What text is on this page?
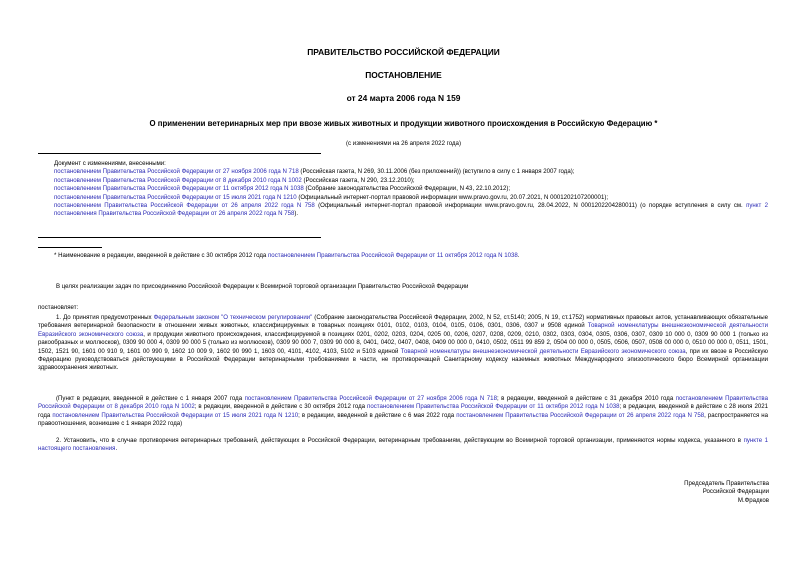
ПРАВИТЕЛЬСТВО РОССИЙСКОЙ ФЕДЕРАЦИИ
ПОСТАНОВЛЕНИЕ
от 24 марта 2006 года N 159
О применении ветеринарных мер при ввозе живых животных и продукции животного происхождения в Российскую Федерацию *
(с изменениями на 26 апреля 2022 года)
Документ с изменениями, внесенными:
постановлением Правительства Российской Федерации от 27 ноября 2006 года N 718 (Российская газета, N 269, 30.11.2006 (без приложений)) (вступило в силу с 1 января 2007 года);
постановлением Правительства Российской Федерации от 8 декабря 2010 года N 1002 (Российская газета, N 290, 23.12.2010);
постановлением Правительства Российской Федерации от 11 октября 2012 года N 1038 (Собрание законодательства Российской Федерации, N 43, 22.10.2012);
постановлением Правительства Российской Федерации от 15 июля 2021 года N 1210 (Официальный интернет-портал правовой информации www.pravo.gov.ru, 20.07.2021, N 0001202107200001);
постановлением Правительства Российской Федерации от 26 апреля 2022 года N 758 (Официальный интернет-портал правовой информации www.pravo.gov.ru, 28.04.2022, N 0001202204280011) (о порядке вступления в силу см. пункт 2 постановления Правительства Российской Федерации от 26 апреля 2022 года N 758).
* Наименование в редакции, введенной в действие с 30 октября 2012 года постановлением Правительства Российской Федерации от 11 октября 2012 года N 1038.
В целях реализации задач по присоединению Российской Федерации к Всемирной торговой организации Правительство Российской Федерации
постановляет:
1. До принятия предусмотренных Федеральным законом "О техническом регулировании" (Собрание законодательства Российской Федерации, 2002, N 52, ст.5140; 2005, N 19, ст.1752) нормативных правовых актов, устанавливающих обязательные требования ветеринарной безопасности в отношении живых животных, классифицируемых в товарных позициях 0101, 0102, 0103, 0104, 0105, 0106, 0301, 0306, 0307 и 9508 единой Товарной номенклатуры внешнеэкономической деятельности Евразийского экономического союза, и продукции животного происхождения, классифицируемой в позициях 0201, 0202, 0203, 0204, 0205 00, 0206, 0207, 0208, 0209, 0210, 0302, 0303, 0304, 0305, 0306, 0307, 0309 10 000 0, 0309 90 000 1 (только из ракообразных и моллюсков), 0309 90 000 4, 0309 90 000 5 (только из моллюсков), 0309 90 000 7, 0309 90 000 8, 0401, 0402, 0407, 0408, 0409 00 000 0, 0410, 0502, 0511 99 859 2, 0504 00 000 0, 0505, 0506, 0507, 0508 00 000 0, 0510 00 000 0, 0511, 1501, 1502, 1521 90, 1601 00 910 9, 1601 00 990 9, 1602 10 009 9, 1602 90 990 1, 1603 00, 4101, 4102, 4103, 5102 и 5103 единой Товарной номенклатуры внешнеэкономической деятельности Евразийского экономического союза, при их ввозе в Российскую Федерацию руководствоваться действующими в Российской Федерации ветеринарными требованиями в части, не противоречащей Санитарному кодексу наземных животных Международного эпизоотического бюро Всемирной организации здравоохранения животных.
(Пункт в редакции, введенной в действие с 1 января 2007 года постановлением Правительства Российской Федерации от 27 ноября 2006 года N 718; в редакции, введенной в действие с 31 декабря 2010 года постановлением Правительства Российской Федерации от 8 декабря 2010 года N 1002; в редакции, введенной в действие с 30 октября 2012 года постановлением Правительства Российской Федерации от 11 октября 2012 года N 1038; в редакции, введенной в действие с 28 июля 2021 года постановлением Правительства Российской Федерации от 15 июля 2021 года N 1210; в редакции, введенной в действие с 6 мая 2022 года постановлением Правительства Российской Федерации от 26 апреля 2022 года N 758, распространяется на правоотношения, возникшие с 1 января 2022 года)
2. Установить, что в случае противоречия ветеринарных требований, действующих в Российской Федерации, ветеринарным требованиям, действующим во Всемирной торговой организации, применяются нормы кодекса, указанного в пункте 1 настоящего постановления.
Председатель Правительства
Российской Федерации
М.Фрадков
